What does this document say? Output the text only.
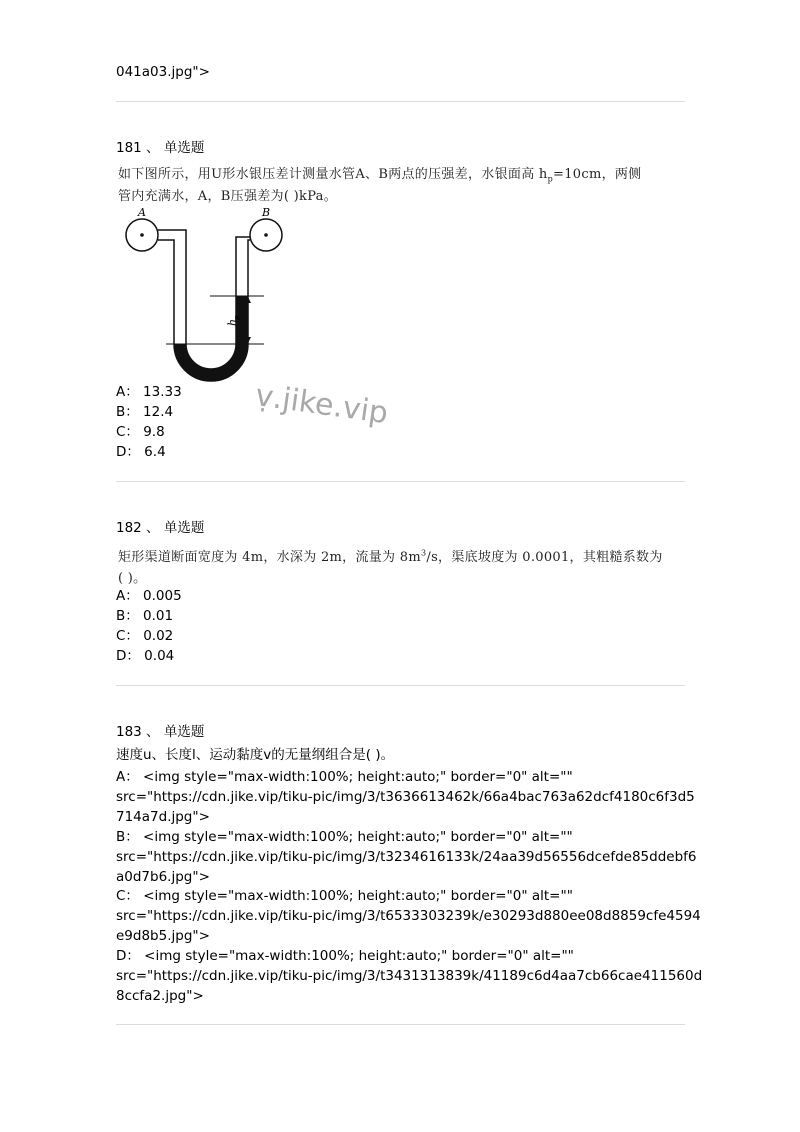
041a03.jpg">
181 、 单选题
如下图所示，用U形水银压差计测量水管A、B两点的压强差，水银面高 $h_p=10cm$，两侧
管内充满水，A，B压强差为( )kPa。
A	B
h
p
ṿ.jike.vip
A： 13.33
B： 12.4
C： 9.8
D： 6.4
182 、 单选题
矩形渠道断面宽度为 4m，水深为 2m，流量为 $8m^3/s$，渠底坡度为 0.0001，其粗糙系数为
( )。
A： 0.005
B： 0.01
C： 0.02
D： 0.04
183 、 单选题
速度u、长度l、运动黏度v的无量纲组合是( )。
A： <img style="max-width:100%; height:auto;" border="0" alt=""
src="https://cdn.jike.vip/tiku-pic/img/3/t3636613462k/66a4bac763a62dcf4180c6f3d5
714a7d.jpg">
B： <img style="max-width:100%; height:auto;" border="0" alt=""
src="https://cdn.jike.vip/tiku-pic/img/3/t3234616133k/24aa39d56556dcefde85ddebf6
a0d7b6.jpg">
C： <img style="max-width:100%; height:auto;" border="0" alt=""
src="https://cdn.jike.vip/tiku-pic/img/3/t6533303239k/e30293d880ee08d8859cfe4594
e9d8b5.jpg">
D： <img style="max-width:100%; height:auto;" border="0" alt=""
src="https://cdn.jike.vip/tiku-pic/img/3/t3431313839k/41189c6d4aa7cb66cae411560d
8ccfa2.jpg">
